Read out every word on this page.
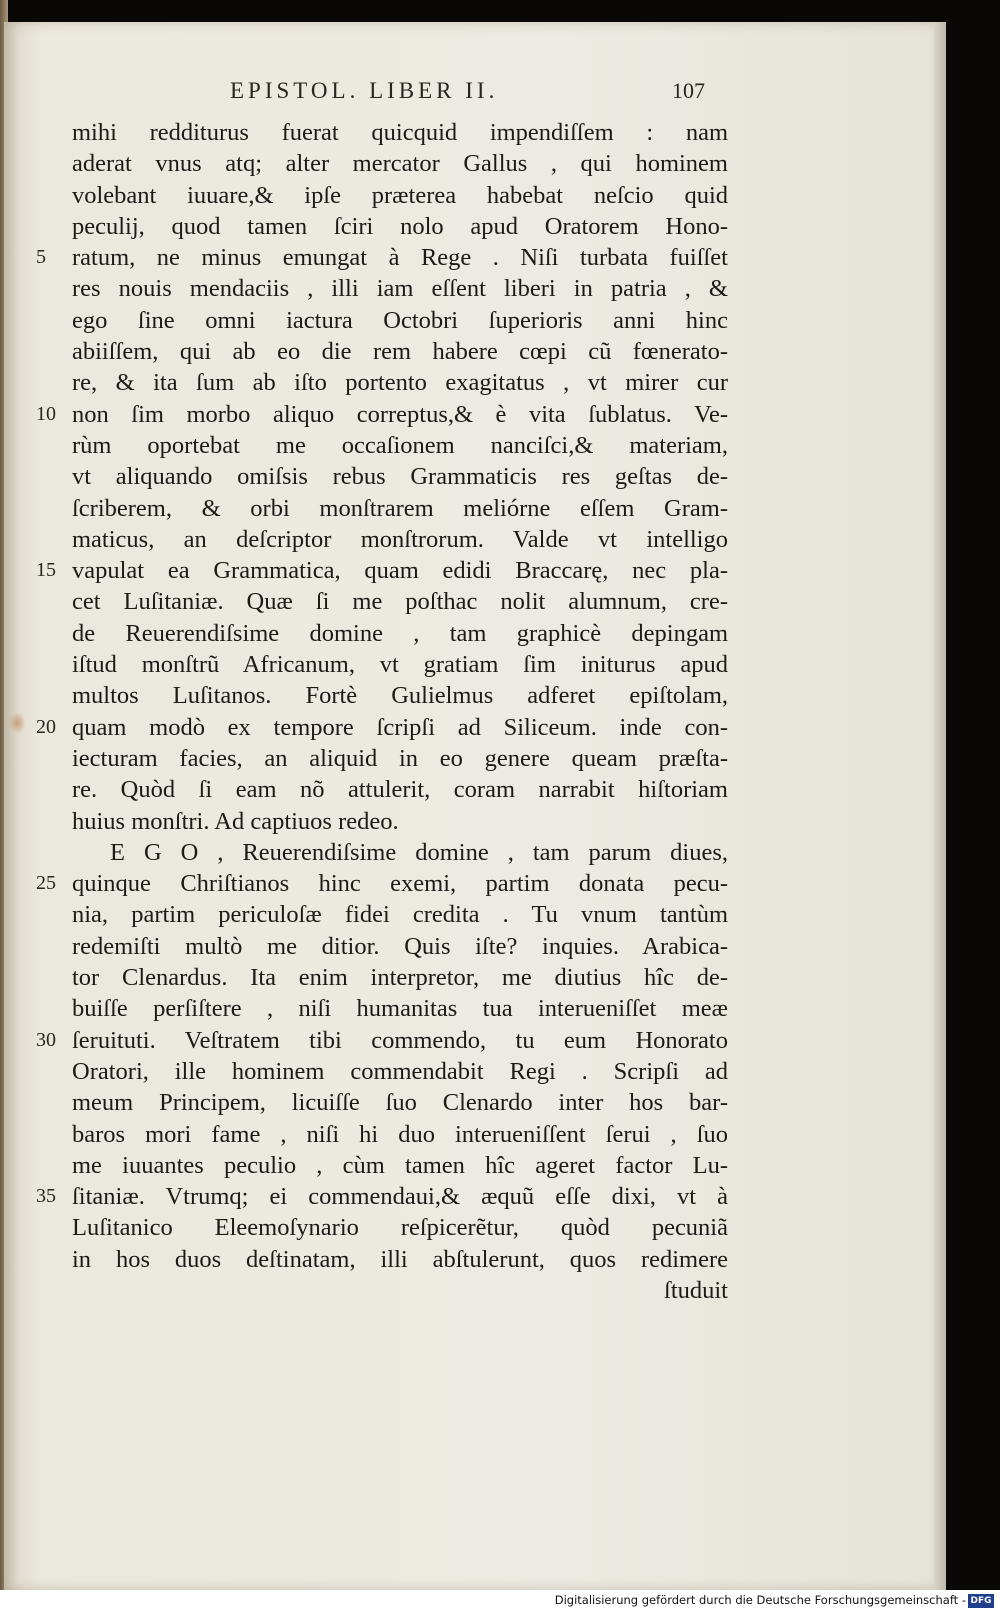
EPISTOL. LIBER II.	107
mihi redditurus fuerat quicquid impendiſſem : nam
aderat vnus atq; alter mercator Gallus , qui hominem
volebant iuuare,& ipſe præterea habebat neſcio quid
peculij, quod tamen ſciri nolo apud Oratorem Hono-
5	ratum, ne minus emungat à Rege . Niſi turbata fuiſſet
res nouis mendaciis , illi iam eſſent liberi in patria , &
ego ſine omni iactura Octobri ſuperioris anni hinc
abiiſſem, qui ab eo die rem habere cœpi cũ fœnerato-
re, & ita ſum ab iſto portento exagitatus , vt mirer cur
10 non ſim morbo aliquo correptus,& è vita ſublatus. Ve-
rùm oportebat me occaſionem nanciſci,& materiam,
vt aliquando omiſsis rebus Grammaticis res geſtas de-
ſcriberem, & orbi monſtrarem meliórne eſſem Gram-
maticus, an deſcriptor monſtrorum. Valde vt intelligo
15 vapulat ea Grammatica, quam edidi Braccarę, nec pla-
cet Luſitaniæ. Quæ ſi me poſthac nolit alumnum, cre-
de Reuerendiſsime domine , tam graphicè depingam
iſtud monſtrũ Africanum, vt gratiam ſim initurus apud
multos Luſitanos. Fortè Gulielmus adferet epiſtolam,
20 quam modò ex tempore ſcripſi ad Siliceum. inde con-
iecturam facies, an aliquid in eo genere queam præſta-
re. Quòd ſi eam nõ attulerit, coram narrabit hiſtoriam
huius monſtri. Ad captiuos redeo.
E G O , Reuerendiſsime domine , tam parum diues,
25 quinque Chriſtianos hinc exemi, partim donata pecu-
nia, partim periculoſæ fidei credita . Tu vnum tantùm
redemiſti multò me ditior. Quis iſte? inquies. Arabica-
tor Clenardus. Ita enim interpretor, me diutius hîc de-
buiſſe perſiſtere , niſi humanitas tua interueniſſet meæ
30 ſeruituti. Veſtratem tibi commendo, tu eum Honorato
Oratori, ille hominem commendabit Regi . Scripſi ad
meum Principem, licuiſſe ſuo Clenardo inter hos bar-
baros mori fame , niſi hi duo interueniſſent ſerui , ſuo
me iuuantes peculio , cùm tamen hîc ageret factor Lu-
35 ſitaniæ. Vtrumq; ei commendaui,& æquũ eſſe dixi, vt à
Luſitanico Eleemoſynario reſpicerẽtur, quòd pecuniã
in hos duos deſtinatam, illi abſtulerunt, quos redimere
ſtuduit
Digitalisierung gefördert durch die Deutsche Forschungsgemeinschaft - DFG
